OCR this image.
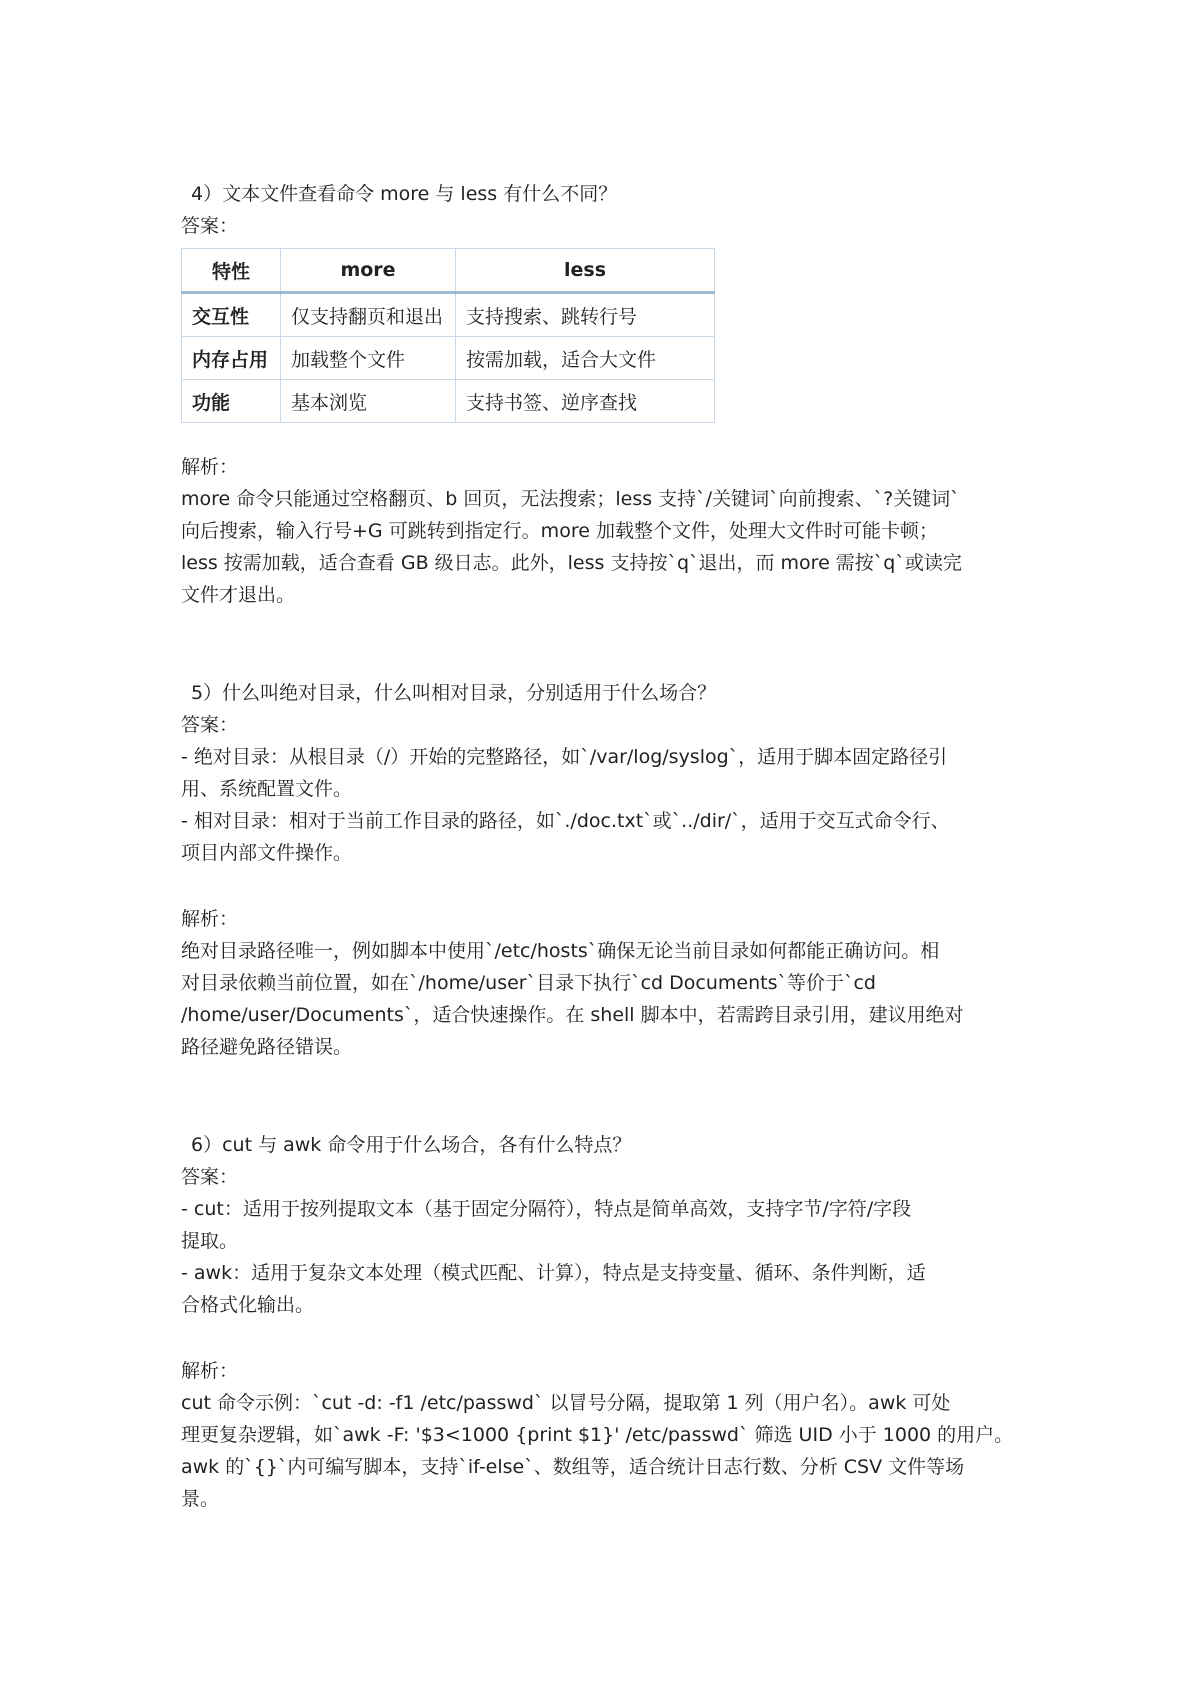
4）文本文件查看命令 more 与 less 有什么不同？

答案：

特性	more	less
交互性	仅支持翻页和退出	支持搜索、跳转行号
内存占用	加载整个文件	按需加载，适合大文件
功能	基本浏览	支持书签、逆序查找

解析：

more 命令只能通过空格翻页、b 回页，无法搜索；less 支持`/关键词`向前搜索、`?关键词`
向后搜索，输入行号+G 可跳转到指定行。more 加载整个文件，处理大文件时可能卡顿；
less 按需加载，适合查看 GB 级日志。此外，less 支持按`q`退出，而 more 需按`q`或读完
文件才退出。

5）什么叫绝对目录，什么叫相对目录，分别适用于什么场合？

答案：

- 绝对目录：从根目录（/）开始的完整路径，如`/var/log/syslog`，适用于脚本固定路径引
用、系统配置文件。
- 相对目录：相对于当前工作目录的路径，如`./doc.txt`或`../dir/`，适用于交互式命令行、
项目内部文件操作。

解析：

绝对目录路径唯一，例如脚本中使用`/etc/hosts`确保无论当前目录如何都能正确访问。相
对目录依赖当前位置，如在`/home/user`目录下执行`cd Documents`等价于`cd
/home/user/Documents`，适合快速操作。在 shell 脚本中，若需跨目录引用，建议用绝对
路径避免路径错误。

6）cut 与 awk 命令用于什么场合，各有什么特点？

答案：

- cut：适用于按列提取文本（基于固定分隔符），特点是简单高效，支持字节/字符/字段
提取。
- awk：适用于复杂文本处理（模式匹配、计算），特点是支持变量、循环、条件判断，适
合格式化输出。

解析：

cut 命令示例：`cut -d: -f1 /etc/passwd` 以冒号分隔，提取第 1 列（用户名）。awk 可处
理更复杂逻辑，如`awk -F: '$3<1000 {print $1}' /etc/passwd` 筛选 UID 小于 1000 的用户。
awk 的`{}`内可编写脚本，支持`if-else`、数组等，适合统计日志行数、分析 CSV 文件等场
景。
